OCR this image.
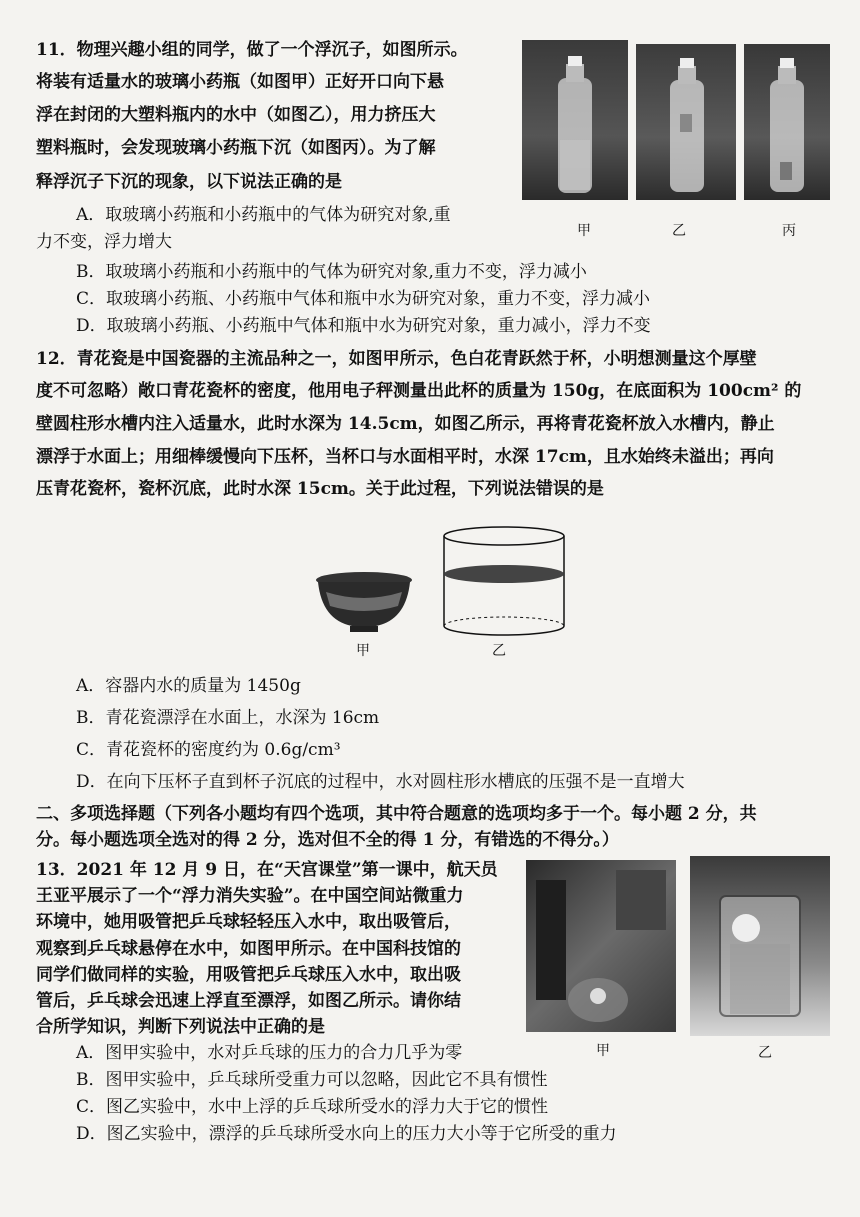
11．物理兴趣小组的同学，做了一个浮沉子，如图所示。
将装有适量水的玻璃小药瓶（如图甲）正好开口向下悬
浮在封闭的大塑料瓶内的水中（如图乙），用力挤压大
塑料瓶时，会发现玻璃小药瓶下沉（如图丙）。为了解
释浮沉子下沉的现象，以下说法正确的是
A．取玻璃小药瓶和小药瓶中的气体为研究对象,重
力不变，浮力增大
B．取玻璃小药瓶和小药瓶中的气体为研究对象,重力不变，浮力减小
C．取玻璃小药瓶、小药瓶中气体和瓶中水为研究对象，重力不变，浮力减小
D．取玻璃小药瓶、小药瓶中气体和瓶中水为研究对象，重力减小，浮力不变
甲	乙	丙
12．青花瓷是中国瓷器的主流品种之一，如图甲所示，色白花青跃然于杯，小明想测量这个厚壁
度不可忽略）敞口青花瓷杯的密度，他用电子秤测量出此杯的质量为 150g，在底面积为 100cm² 的
壁圆柱形水槽内注入适量水，此时水深为 14.5cm，如图乙所示，再将青花瓷杯放入水槽内，静止
漂浮于水面上；用细棒缓慢向下压杯，当杯口与水面相平时，水深 17cm，且水始终未溢出；再向
压青花瓷杯，瓷杯沉底，此时水深 15cm。关于此过程，下列说法错误的是
甲	乙
A．容器内水的质量为 1450g
B．青花瓷漂浮在水面上，水深为 16cm
C．青花瓷杯的密度约为 0.6g/cm³
D．在向下压杯子直到杯子沉底的过程中，水对圆柱形水槽底的压强不是一直增大
二、多项选择题（下列各小题均有四个选项，其中符合题意的选项均多于一个。每小题 2 分，共
分。每小题选项全选对的得 2 分，选对但不全的得 1 分，有错选的不得分。）
13．2021 年 12 月 9 日，在“天宫课堂”第一课中，航天员
王亚平展示了一个“浮力消失实验”。在中国空间站微重力
环境中，她用吸管把乒乓球轻轻压入水中，取出吸管后，
观察到乒乓球悬停在水中，如图甲所示。在中国科技馆的
同学们做同样的实验，用吸管把乒乓球压入水中，取出吸
管后，乒乓球会迅速上浮直至漂浮，如图乙所示。请你结
合所学知识，判断下列说法中正确的是
A．图甲实验中，水对乒乓球的压力的合力几乎为零
B．图甲实验中，乒乓球所受重力可以忽略，因此它不具有惯性
C．图乙实验中，水中上浮的乒乓球所受水的浮力大于它的惯性
D．图乙实验中，漂浮的乒乓球所受水向上的压力大小等于它所受的重力
甲	乙
